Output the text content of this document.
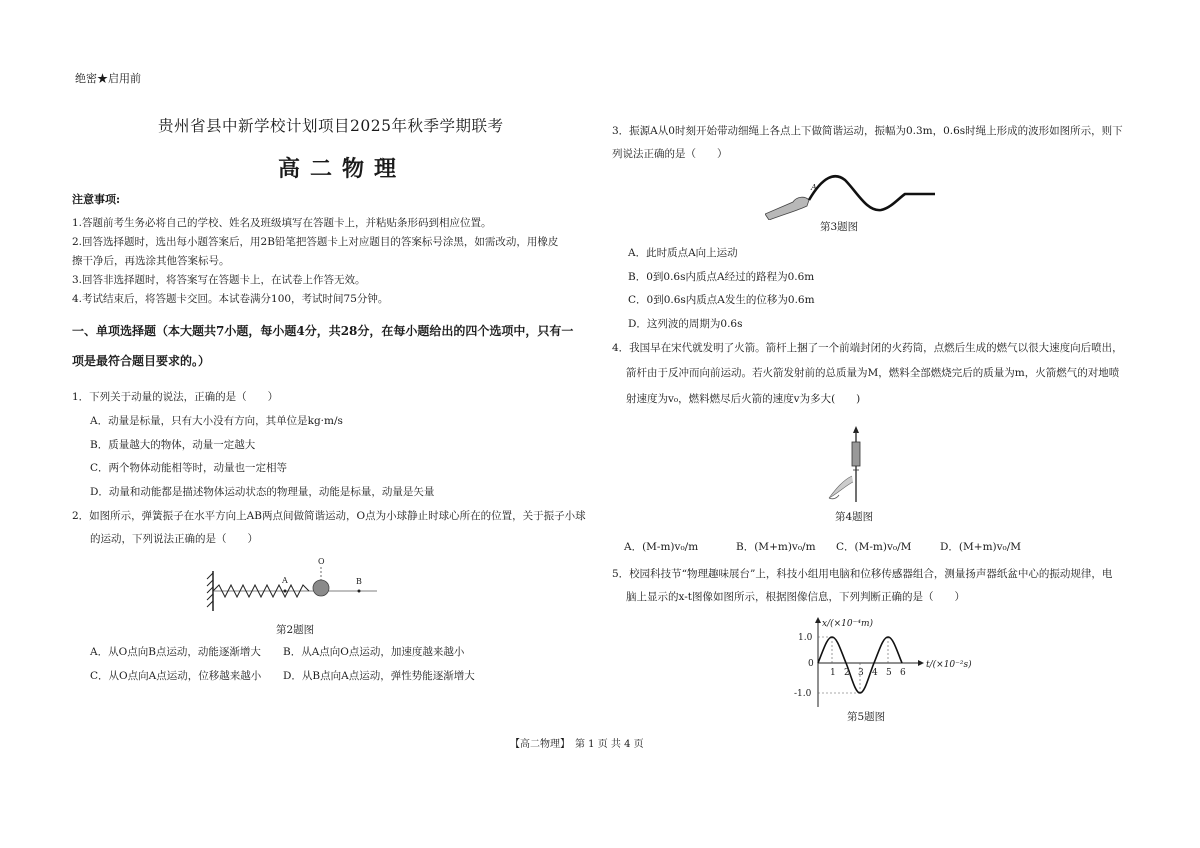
绝密★启用前
贵州省县中新学校计划项目2025年秋季学期联考
高二物理
注意事项:
1.答题前考生务必将自己的学校、姓名及班级填写在答题卡上，并粘贴条形码到相应位置。
2.回答选择题时，选出每小题答案后，用2B铅笔把答题卡上对应题目的答案标号涂黑，如需改动，用橡皮
擦干净后，再选涂其他答案标号。
3.回答非选择题时，将答案写在答题卡上，在试卷上作答无效。
4.考试结束后，将答题卡交回。本试卷满分100，考试时间75分钟。
一、单项选择题（本大题共7小题，每小题4分，共28分，在每小题给出的四个选项中，只有一
项是最符合题目要求的。）
1．下列关于动量的说法，正确的是（　　）
A．动量是标量，只有大小没有方向，其单位是kg·m/s
B．质量越大的物体，动量一定越大
C．两个物体动能相等时，动量也一定相等
D．动量和动能都是描述物体运动状态的物理量，动能是标量，动量是矢量
2．如图所示，弹簧振子在水平方向上AB两点间做简谐运动，O点为小球静止时球心所在的位置，关于振子小球
的运动，下列说法正确的是（　　）
O
A	B
第2题图
A．从O点向B点运动，动能逐渐增大 B．从A点向O点运动，加速度越来越小
C．从O点向A点运动，位移越来越小 D．从B点向A点运动，弹性势能逐渐增大
3．振源A从0时刻开始带动细绳上各点上下做简谐运动，振幅为0.3m，0.6s时绳上形成的波形如图所示，则下
列说法正确的是（　　）
A
第3题图
A．此时质点A向上运动
B．0到0.6s内质点A经过的路程为0.6m
C．0到0.6s内质点A发生的位移为0.6m
D．这列波的周期为0.6s
4．我国早在宋代就发明了火箭。箭杆上捆了一个前端封闭的火药筒，点燃后生成的燃气以很大速度向后喷出，
箭杆由于反冲而向前运动。若火箭发射前的总质量为M，燃料全部燃烧完后的质量为m，火箭燃气的对地喷
射速度为v₀，燃料燃尽后火箭的速度v为多大(　　)
第4题图
A．(M-m)v₀/m	B．(M+m)v₀/m C．(M-m)v₀/M	D．(M+m)v₀/M
5．校园科技节“物理趣味展台”上，科技小组用电脑和位移传感器组合，测量扬声器纸盆中心的振动规律，电
脑上显示的x-t图像如图所示，根据图像信息，下列判断正确的是（　　）
1.0
0
-1.0
1 2 3 4 5 6
x/(×10⁻⁴m)
t/(×10⁻²s)
第5题图
【高二物理】　第 1 页 共 4 页
